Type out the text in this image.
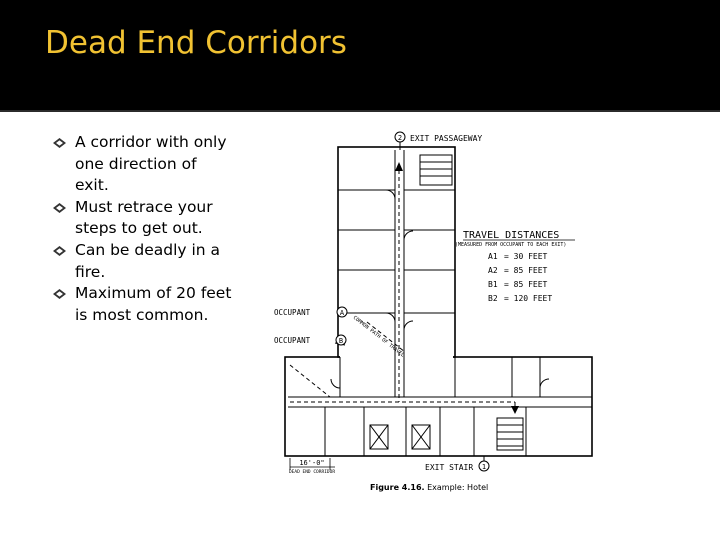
Dead End Corridors
A corridor with only one direction of exit.
Must retrace your steps to get out.
Can be deadly in a fire.
Maximum of 20 feet is most common.
2 EXIT PASSAGEWAY
TRAVEL DISTANCES
(MEASURED FROM OCCUPANT TO EACH EXIT)
A1 = 30 FEET
A2 = 85 FEET
B1 = 85 FEET
B2 = 120 FEET
OCCUPANT	A
OCCUPANT	B COMMON PATH OF TRAVEL
16'-0"
DEAD END CORRIDOR
EXIT STAIR 1
Figure 4.16. Example: Hotel
